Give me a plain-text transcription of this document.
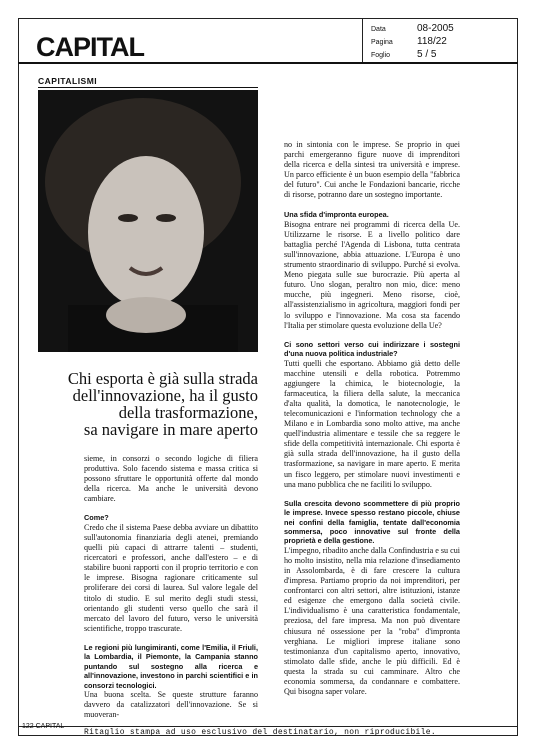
CAPITAL
Data	08-2005
Pagina 118/22
Foglio	5 / 5
CAPITALISMI
Chi esporta è già sulla strada
dell'innovazione, ha il gusto
della trasformazione,
sa navigare in mare aperto

sieme, in consorzi o secondo logiche di filiera produttiva. Solo facendo sistema e massa critica si possono sfruttare le opportunità offerte dal mondo della ricerca. Ma anche le università devono cambiare.

Come?

Credo che il sistema Paese debba avviare un dibattito sull'autonomia finanziaria degli atenei, premiando quelli più capaci di attrarre talenti – studenti, ricercatori e professori, anche dall'estero – e di stabilire buoni rapporti con il proprio territorio e con le imprese. Bisogna ragionare criticamente sul proliferare dei corsi di laurea. Sul valore legale del titolo di studio. E sul merito degli studi stessi, orientando gli studenti verso quello che sarà il mercato del lavoro del futuro, verso le università scientifiche, troppo trascurate.

Le regioni più lungimiranti, come l'Emilia, il Friuli, la Lombardia, il Piemonte, la Campania stanno puntando sul sostegno alla ricerca e all'innovazione, investono in parchi scientifici e in consorzi tecnologici.

Una buona scelta. Se queste strutture faranno davvero da catalizzatori dell'innovazione. Se si muoveran-

no in sintonia con le imprese. Se proprio in quei parchi emergeranno figure nuove di imprenditori della ricerca e della sintesi tra università e imprese. Un parco efficiente è un buon esempio della "fabbrica del futuro". Cui anche le Fondazioni bancarie, ricche di risorse, potranno dare un sostegno importante.

Una sfida d'impronta europea.

Bisogna entrare nei programmi di ricerca della Ue. Utilizzarne le risorse. E a livello politico dare battaglia perché l'Agenda di Lisbona, tutta centrata sull'innovazione, abbia attuazione. L'Europa è uno strumento straordinario di sviluppo. Purché si evolva. Meno piegata sulle sue burocrazie. Più aperta al futuro. Uno slogan, peraltro non mio, dice: meno mucche, più ingegneri. Meno risorse, cioè, all'assistenzialismo in agricoltura, maggiori fondi per lo sviluppo e l'innovazione. Ma cosa sta facendo l'Italia per stimolare questa evoluzione della Ue?

Ci sono settori verso cui indirizzare i sostegni d'una nuova politica industriale?

Tutti quelli che esportano. Abbiamo già detto delle macchine utensili e della robotica. Potremmo aggiungere la chimica, le biotecnologie, la farmaceutica, la filiera della salute, la meccanica d'alta qualità, la domotica, le nanotecnologie, le telecomunicazioni e l'information technology che a Milano e in Lombardia sono molto attive, ma anche quell'industria alimentare e tessile che sa reggere le sfide della competitività internazionale. Chi esporta è già sulla strada dell'innovazione, ha il gusto della trasformazione, sa navigare in mare aperto. E merita un fisco leggero, per stimolare nuovi investimenti e una mano pubblica che ne faciliti lo sviluppo.

Sulla crescita devono scommettere di più proprio le imprese. Invece spesso restano piccole, chiuse nei confini della famiglia, tentate dall'economia sommersa, poco innovative sul fronte della proprietà e della gestione.

L'impegno, ribadito anche dalla Confindustria e su cui ho molto insistito, nella mia relazione d'insediamento in Assolombarda, è di fare crescere la cultura d'impresa. Partiamo proprio da noi imprenditori, per confrontarci con altri settori, altre istituzioni, istanze ed esigenze che emergono dalla società civile. L'individualismo è una caratteristica fondamentale, preziosa, del fare impresa. Ma non può diventare chiusura né ossessione per la "roba" d'impronta verghiana. Le migliori imprese italiane sono testimonianza d'un capitalismo aperto, innovativo, stimolato dalle sfide, anche le più difficili. Ed è questa la strada su cui camminare. Altro che economia sommersa, da condannare e combattere. Qui bisogna saper volare.

122 CAPITAL
Ritaglio stampa ad uso esclusivo del destinatario, non riproducibile.
